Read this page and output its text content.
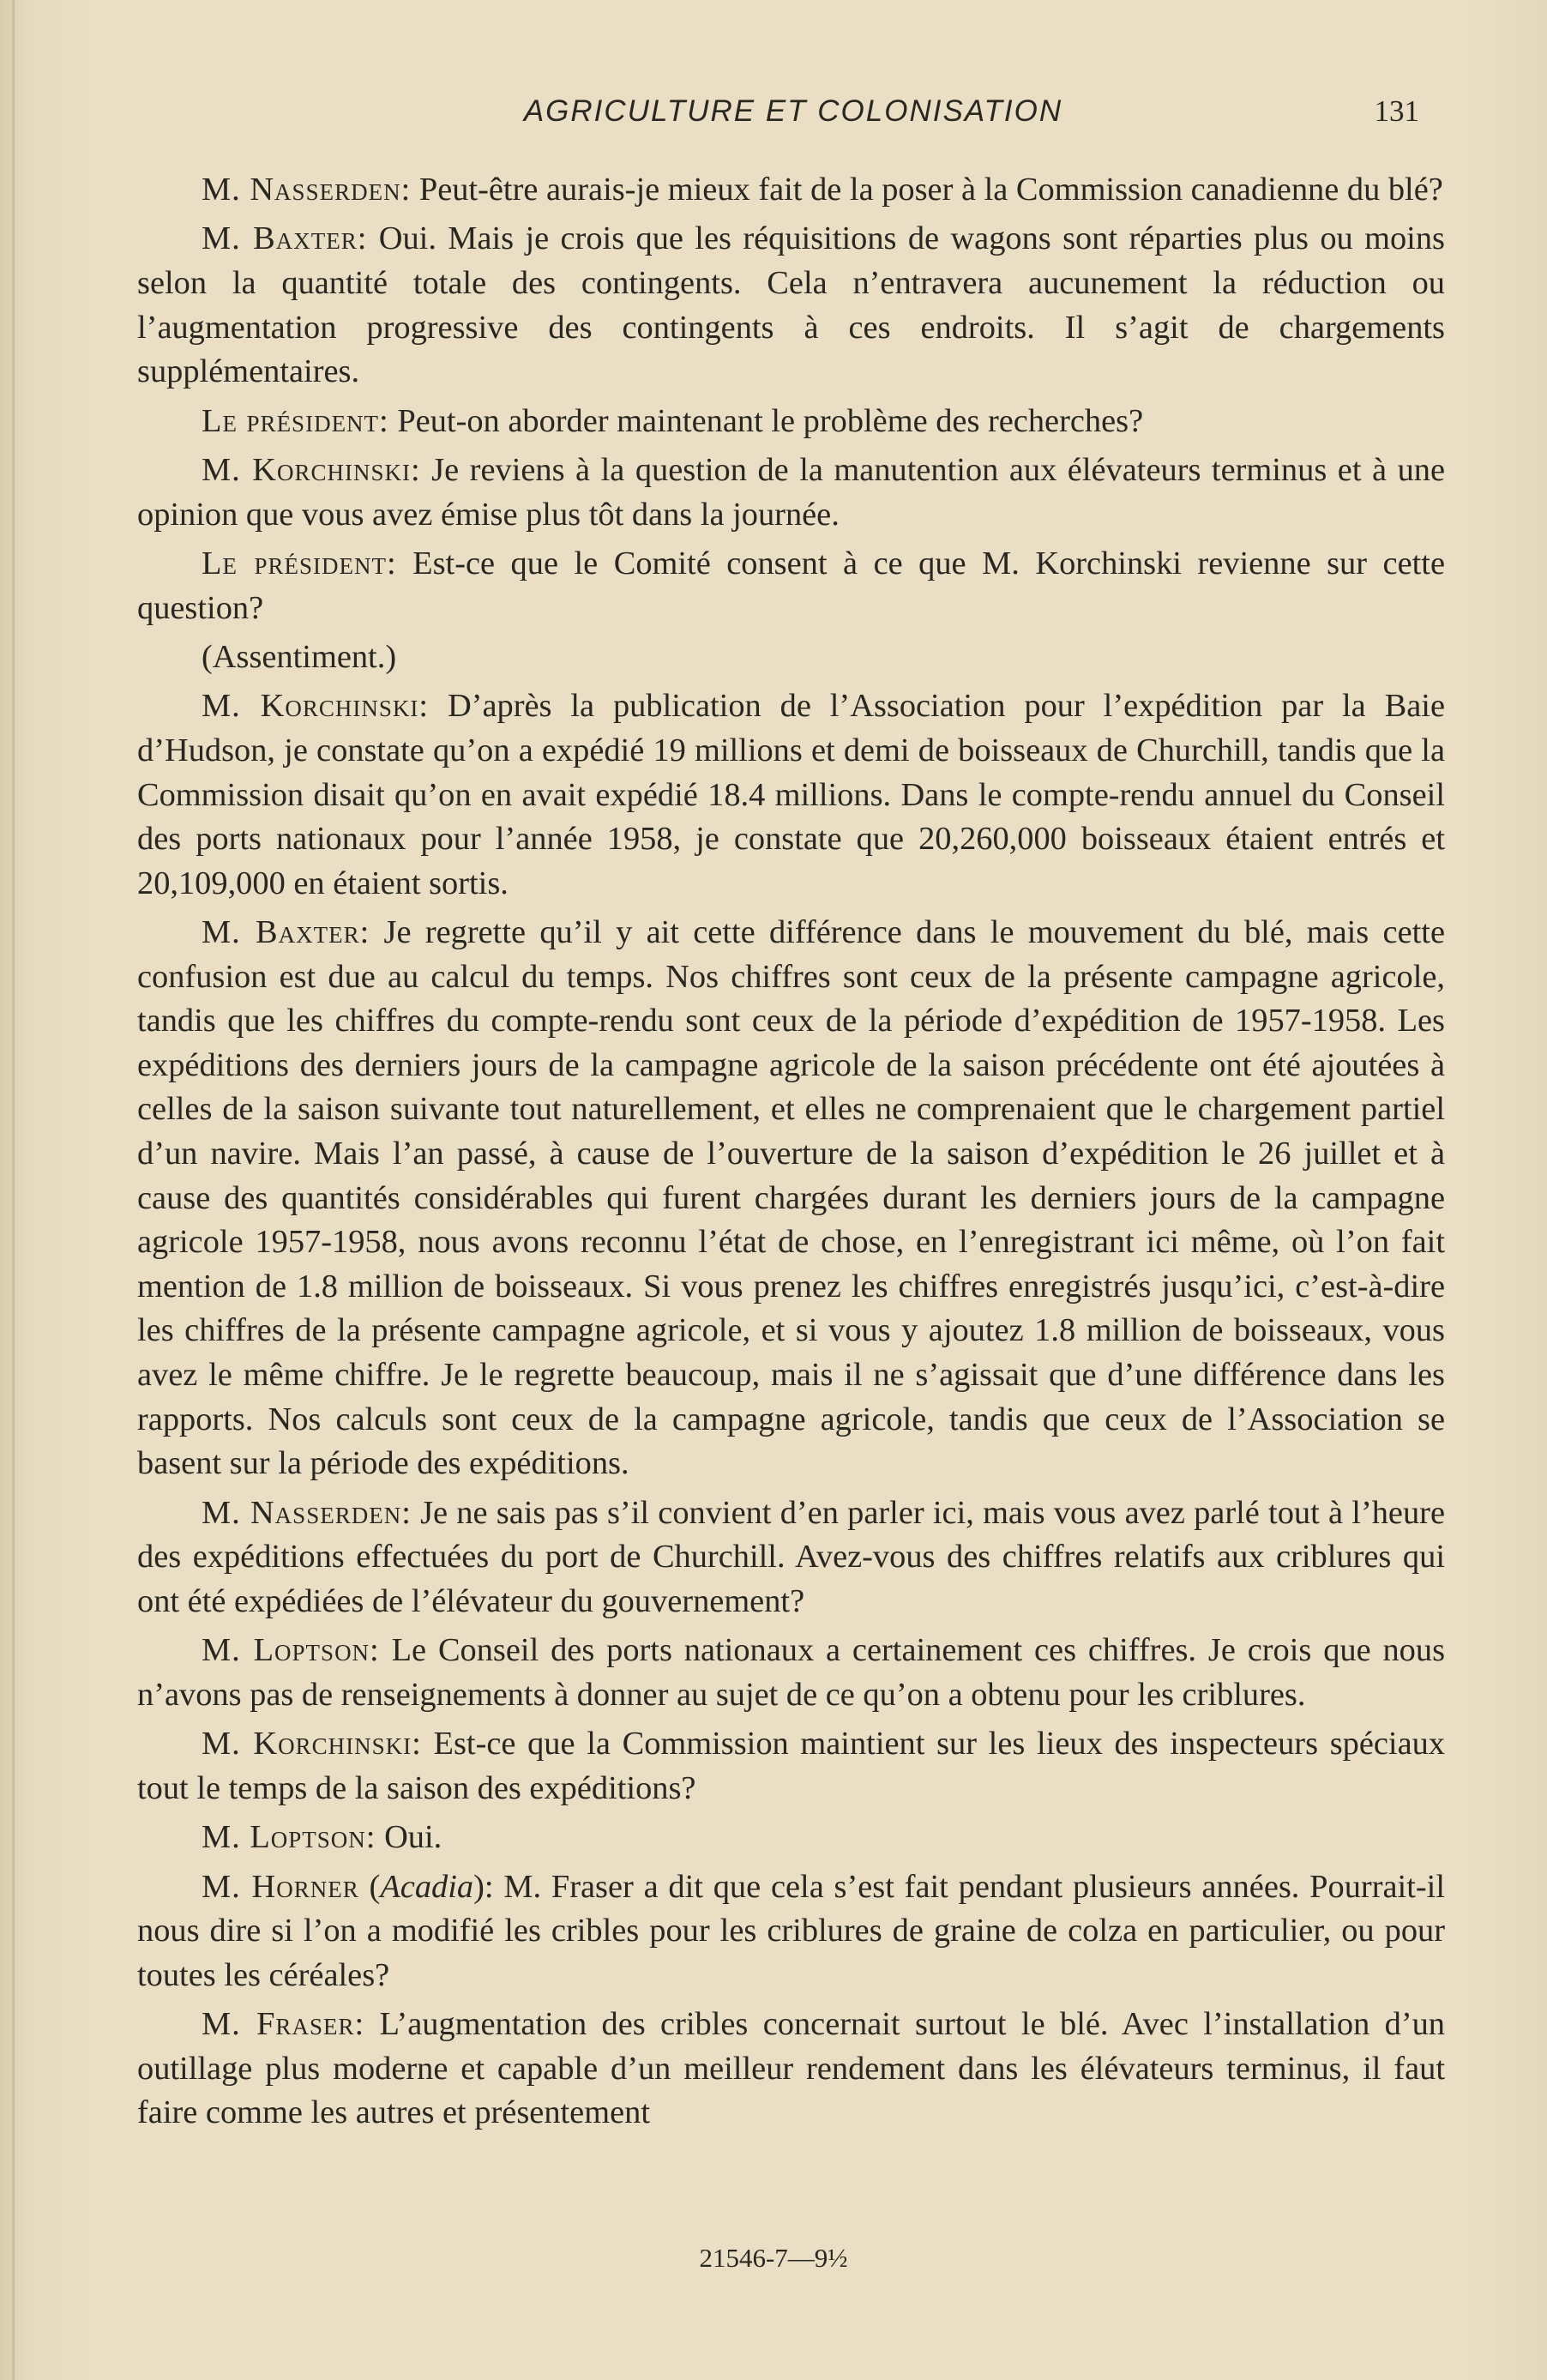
AGRICULTURE ET COLONISATION	131

M. Nasserden: Peut-être aurais-je mieux fait de la poser à la Commission canadienne du blé?

M. Baxter: Oui. Mais je crois que les réquisitions de wagons sont réparties plus ou moins selon la quantité totale des contingents. Cela n’entravera aucunement la réduction ou l’augmentation progressive des contingents à ces endroits. Il s’agit de chargements supplémentaires.

Le président: Peut-on aborder maintenant le problème des recherches?

M. Korchinski: Je reviens à la question de la manutention aux élévateurs terminus et à une opinion que vous avez émise plus tôt dans la journée.

Le président: Est-ce que le Comité consent à ce que M. Korchinski revienne sur cette question?

(Assentiment.)

M. Korchinski: D’après la publication de l’Association pour l’expédition par la Baie d’Hudson, je constate qu’on a expédié 19 millions et demi de boisseaux de Churchill, tandis que la Commission disait qu’on en avait expédié 18.4 millions. Dans le compte-rendu annuel du Conseil des ports nationaux pour l’année 1958, je constate que 20,260,000 boisseaux étaient entrés et 20,109,000 en étaient sortis.

M. Baxter: Je regrette qu’il y ait cette différence dans le mouvement du blé, mais cette confusion est due au calcul du temps. Nos chiffres sont ceux de la présente campagne agricole, tandis que les chiffres du compte-rendu sont ceux de la période d’expédition de 1957-1958. Les expéditions des derniers jours de la campagne agricole de la saison précédente ont été ajoutées à celles de la saison suivante tout naturellement, et elles ne comprenaient que le chargement partiel d’un navire. Mais l’an passé, à cause de l’ouverture de la saison d’expédition le 26 juillet et à cause des quantités considérables qui furent chargées durant les derniers jours de la campagne agricole 1957-1958, nous avons reconnu l’état de chose, en l’enregistrant ici même, où l’on fait mention de 1.8 million de boisseaux. Si vous prenez les chiffres enregistrés jusqu’ici, c’est-à-dire les chiffres de la présente campagne agricole, et si vous y ajoutez 1.8 million de boisseaux, vous avez le même chiffre. Je le regrette beaucoup, mais il ne s’agissait que d’une différence dans les rapports. Nos calculs sont ceux de la campagne agricole, tandis que ceux de l’Association se basent sur la période des expéditions.

M. Nasserden: Je ne sais pas s’il convient d’en parler ici, mais vous avez parlé tout à l’heure des expéditions effectuées du port de Churchill. Avez-vous des chiffres relatifs aux criblures qui ont été expédiées de l’élévateur du gouvernement?

M. Loptson: Le Conseil des ports nationaux a certainement ces chiffres. Je crois que nous n’avons pas de renseignements à donner au sujet de ce qu’on a obtenu pour les criblures.

M. Korchinski: Est-ce que la Commission maintient sur les lieux des inspecteurs spéciaux tout le temps de la saison des expéditions?

M. Loptson: Oui.

M. Horner (Acadia): M. Fraser a dit que cela s’est fait pendant plusieurs années. Pourrait-il nous dire si l’on a modifié les cribles pour les criblures de graine de colza en particulier, ou pour toutes les céréales?

M. Fraser: L’augmentation des cribles concernait surtout le blé. Avec l’installation d’un outillage plus moderne et capable d’un meilleur rendement dans les élévateurs terminus, il faut faire comme les autres et présentement

21546-7—9½
